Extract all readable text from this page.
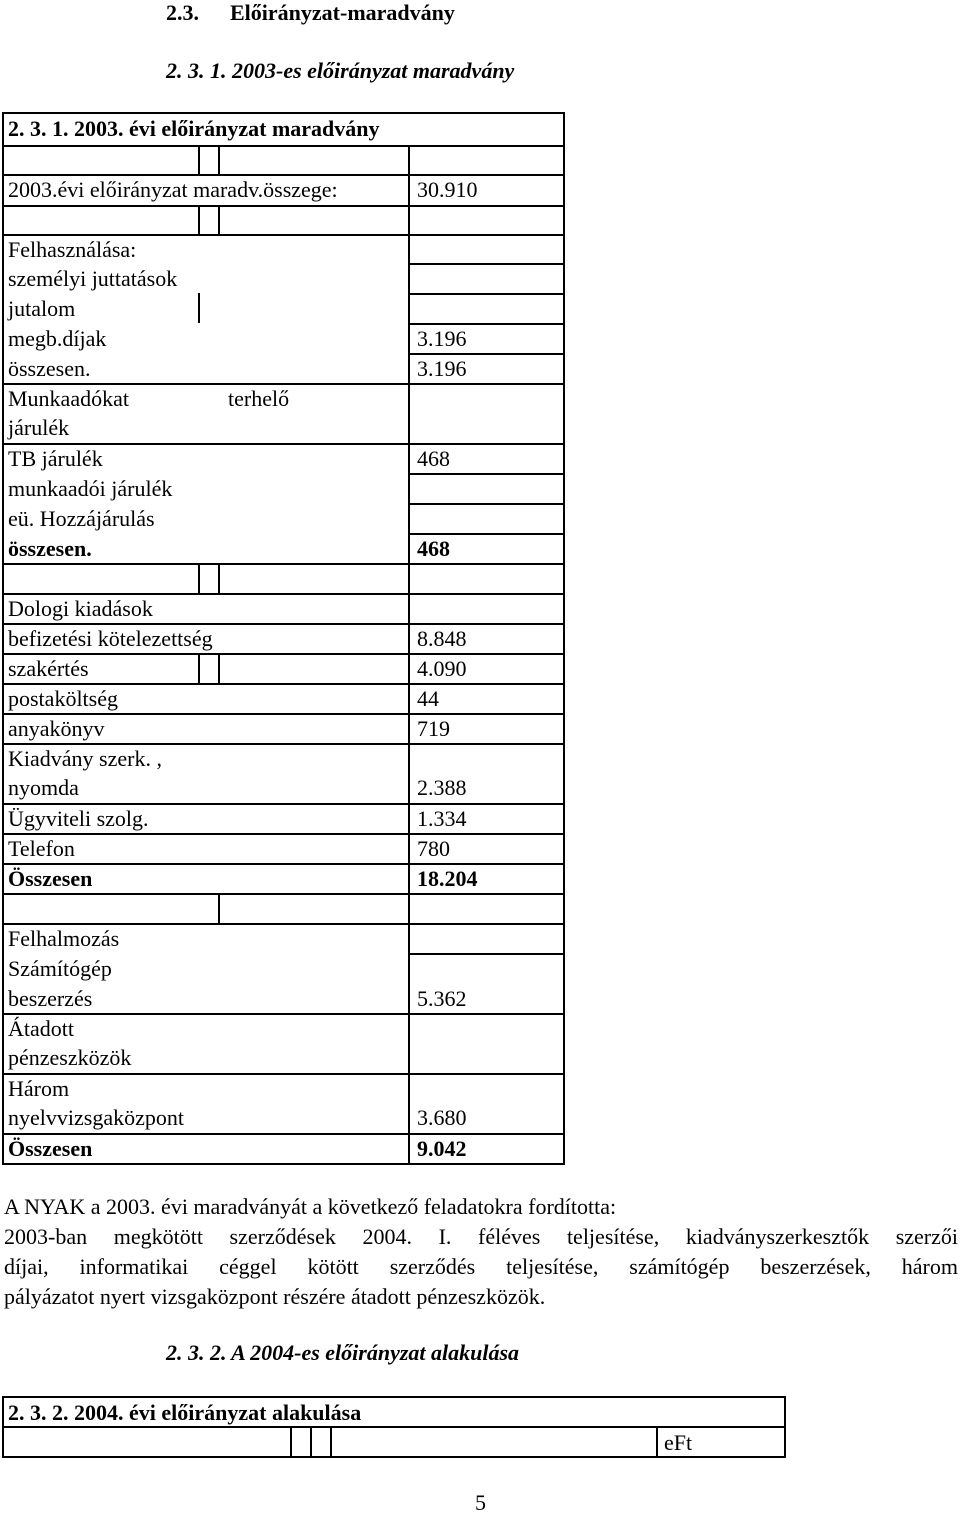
2.3. Előirányzat-maradvány
2. 3. 1. 2003-es előirányzat maradvány
2. 3. 1. 2003. évi előirányzat maradvány
2003.évi előirányzat maradv.összege:
Felhasználása:
személyi juttatások
jutalom
megb.díjak
összesen.
Munkaadókat	terhelő
járulék
TB járulék
munkaadói járulék
eü. Hozzájárulás
összesen.
Dologi kiadások
befizetési kötelezettség
szakértés
postaköltség
anyakönyv
Kiadvány szerk. ,
nyomda
Ügyviteli szolg.
Telefon
Összesen
Felhalmozás
Számítógép
beszerzés
Átadott
pénzeszközök
Három
nyelvvizsgaközpont
Összesen
30.910
3.196
3.196
468
468
8.848
4.090
44
719
2.388
1.334
780
18.204
5.362
3.680
9.042
A NYAK a 2003. évi maradványát a következő feladatokra fordította:
2003-ban megkötött szerződések 2004. I. féléves teljesítése, kiadványszerkesztők szerzői
díjai, informatikai céggel kötött szerződés teljesítése, számítógép beszerzések, három
pályázatot nyert vizsgaközpont részére átadott pénzeszközök.
2. 3. 2. A 2004-es előirányzat alakulása
2. 3. 2. 2004. évi előirányzat alakulása
eFt
5
